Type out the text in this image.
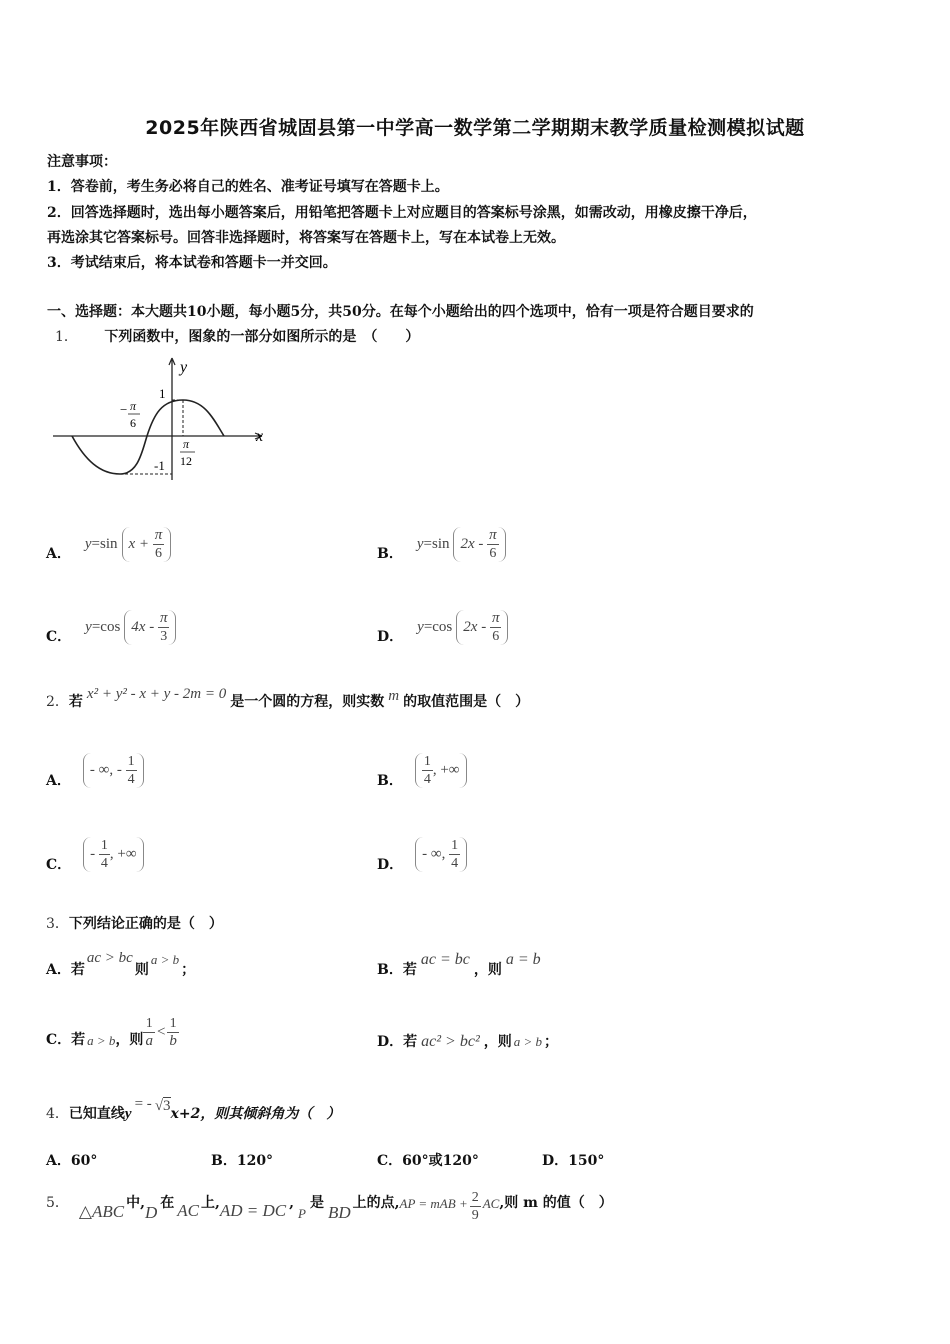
2025年陕西省城固县第一中学高一数学第二学期期末教学质量检测模拟试题
注意事项：
1．答卷前，考生务必将自己的姓名、准考证号填写在答题卡上。
2．回答选择题时，选出每小题答案后，用铅笔把答题卡上对应题目的答案标号涂黑，如需改动，用橡皮擦干净后，
再选涂其它答案标号。回答非选择题时，将答案写在答题卡上，写在本试卷上无效。
3．考试结束后，将本试卷和答题卡一并交回。
一、选择题：本大题共10小题，每小题5分，共50分。在每个小题给出的四个选项中，恰有一项是符合题目要求的
1． 下列函数中，图象的一部分如图所示的是　（　　）
y
x
1
-1
− π
6
π
12
A．
y =sin $x + \frac{\pi}{6}$	B．
y =sin $2x - \frac{\pi}{6}$
C．
y =cos $4x - \frac{\pi}{3}$	D．
y =cos $2x - \frac{\pi}{6}$
2． 若 x² + y² - x + y - 2m = 0 是一个圆的方程，则实数 m 的取值范围是（　）
A．
- ∞, - $\frac{1}{4}$	B． $\frac{1}{4}$ , +∞
C．
- $\frac{1}{4}$ , +∞
D．
- ∞, $\frac{1}{4}$
3．下列结论正确的是（　）
A． 若
ac > bc
则
a > b
；	B． 若
ac = bc
，则
a = b
C． 若 a > b ，则 $\frac{1}{a} < \frac{1}{b}$	D． 若 ac² > bc² ，则 a > b ；
4． 已知直线 y
= - √3 x+2，则其倾斜角为（　）
A．60°	B．120°	C．60°或120°	D．150°
5． △ABC 中, D 在 AC 上, AD = DC ,
P
是 BD 上的点, AP = mAB + $\frac{2}{9}$ AC ,则 m 的值（　）
